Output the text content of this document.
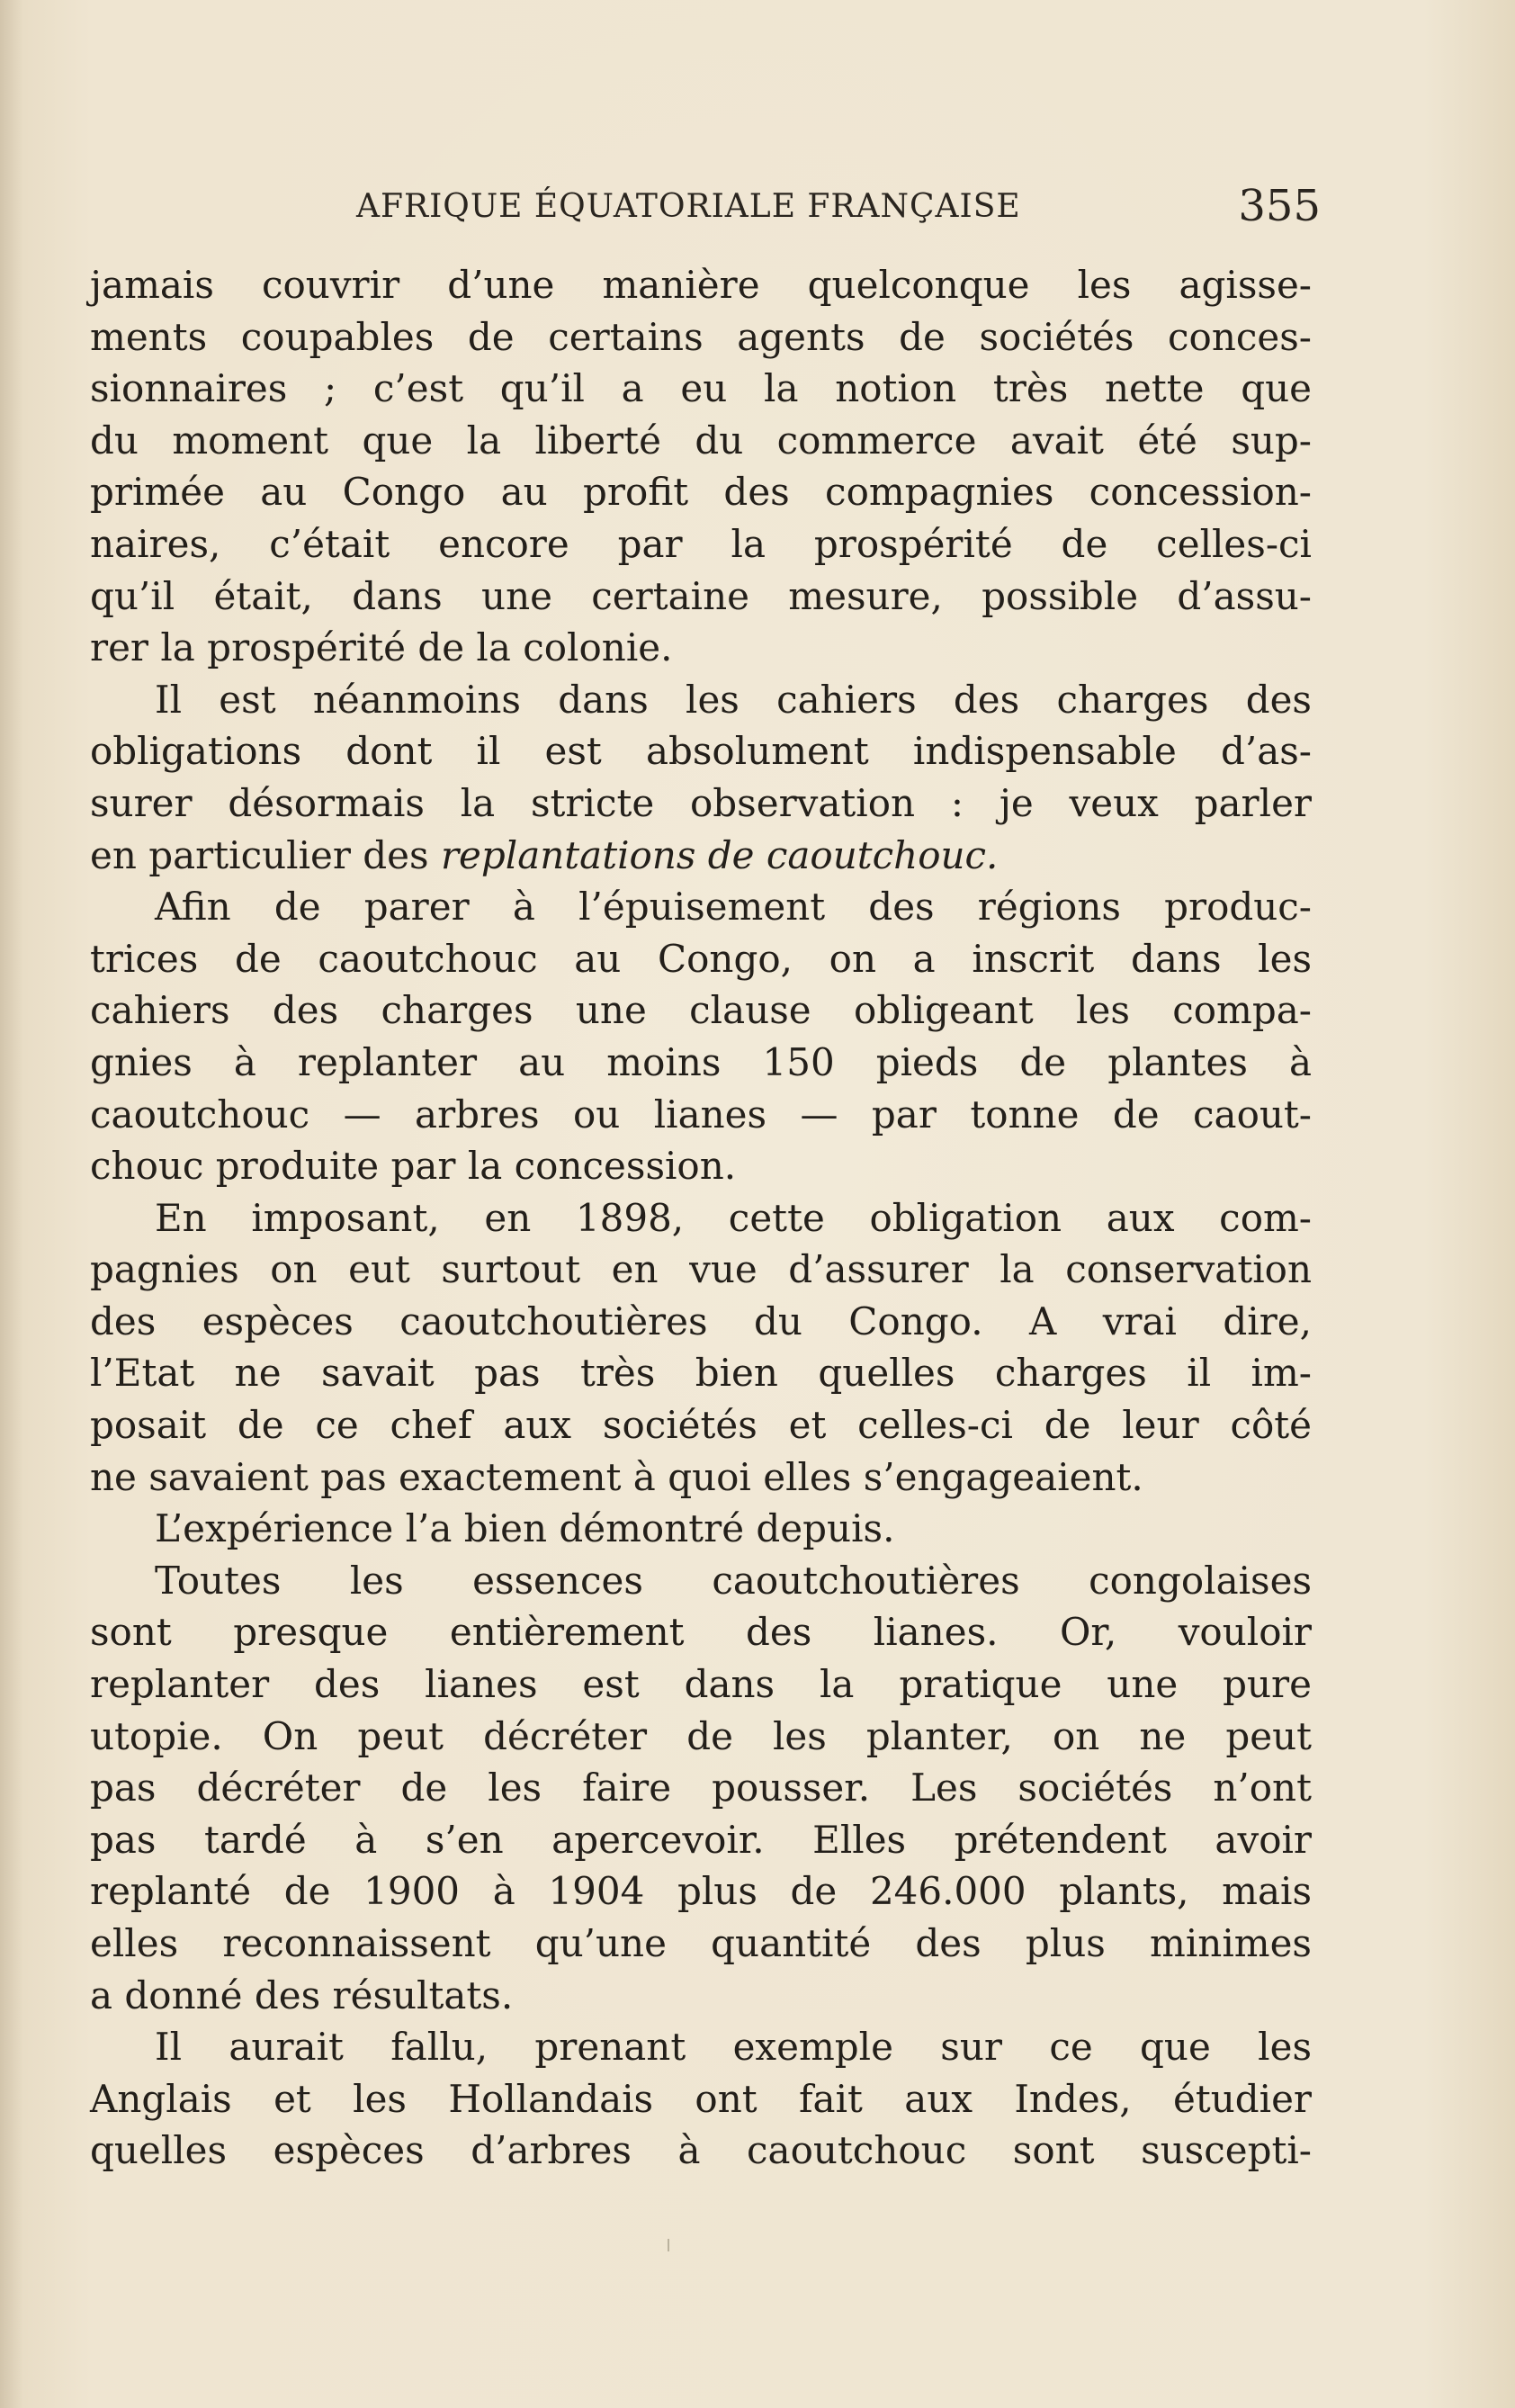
AFRIQUE ÉQUATORIALE FRANÇAISE	355
jamais couvrir d’une manière quelconque les agisse-
ments coupables de certains agents de sociétés conces-
sionnaires ; c’est qu’il a eu la notion très nette que
du moment que la liberté du commerce avait été sup-
primée au Congo au profit des compagnies concession-
naires, c’était encore par la prospérité de celles-ci
qu’il était, dans une certaine mesure, possible d’assu-
rer la prospérité de la colonie.
Il est néanmoins dans les cahiers des charges des
obligations dont il est absolument indispensable d’as-
surer désormais la stricte observation : je veux parler
en particulier des replantations de caoutchouc.
Afin de parer à l’épuisement des régions produc-
trices de caoutchouc au Congo, on a inscrit dans les
cahiers des charges une clause obligeant les compa-
gnies à replanter au moins 150 pieds de plantes à
caoutchouc — arbres ou lianes — par tonne de caout-
chouc produite par la concession.
En imposant, en 1898, cette obligation aux com-
pagnies on eut surtout en vue d’assurer la conservation
des espèces caoutchoutières du Congo. A vrai dire,
l’Etat ne savait pas très bien quelles charges il im-
posait de ce chef aux sociétés et celles-ci de leur côté
ne savaient pas exactement à quoi elles s’engageaient.
L’expérience l’a bien démontré depuis.
Toutes les essences caoutchoutières congolaises
sont presque entièrement des lianes. Or, vouloir
replanter des lianes est dans la pratique une pure
utopie. On peut décréter de les planter, on ne peut
pas décréter de les faire pousser. Les sociétés n’ont
pas tardé à s’en apercevoir. Elles prétendent avoir
replanté de 1900 à 1904 plus de 246.000 plants, mais
elles reconnaissent qu’une quantité des plus minimes
a donné des résultats.
Il aurait fallu, prenant exemple sur ce que les
Anglais et les Hollandais ont fait aux Indes, étudier
quelles espèces d’arbres à caoutchouc sont suscepti-
